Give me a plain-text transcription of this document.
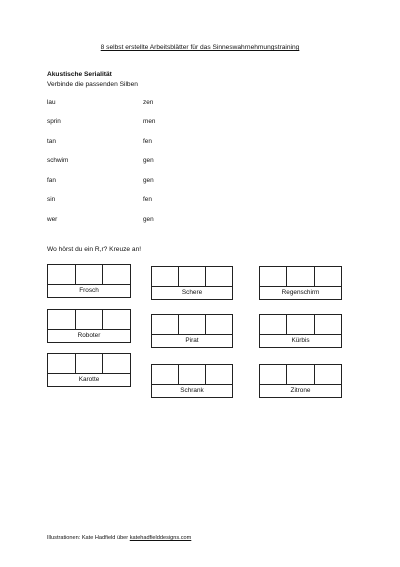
8 selbst erstellte Arbeitsblätter für das Sinneswahrnehmungstraining
Akustische Serialität
Verbinde die passenden Silben
lau	zen
sprin	men
tan	fen
schwim	gen
fan	gen
sin	fen
wer	gen
Wo hörst du ein R,r? Kreuze an!
Frosch	Schere	Regenschirm
Roboter
Pirat	Kürbis
Karotte
Schrank	Zitrone
Illustrationen: Kate Hadfield über katehadfielddesigns.com
